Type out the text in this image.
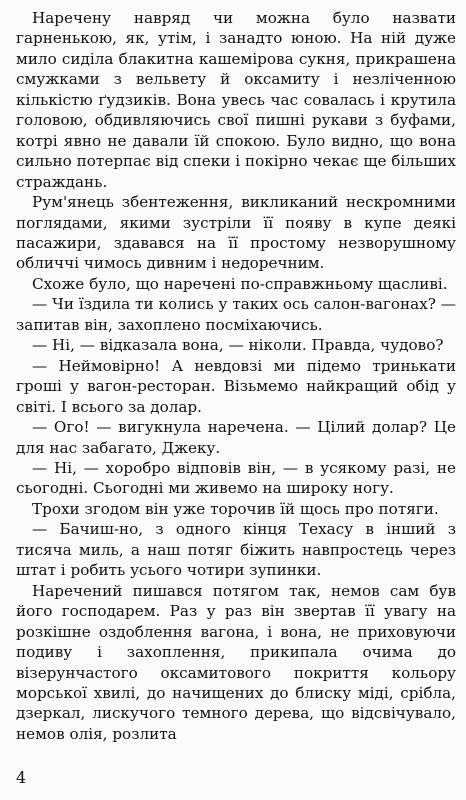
Наречену навряд чи можна було назвати гарненькою, як, утім, і занадто юною. На ній дуже мило сиділа блакитна кашемірова сукня, прикрашена смужками з вельвету й оксамиту і незліченною кількістю ґудзиків. Вона увесь час совалась і крутила головою, обдивляючись свої пишні рукави з буфами, котрі явно не давали їй спокою. Було видно, що вона сильно потерпає від спеки і покірно чекає ще більших страждань.

Рум'янець збентеження, викликаний нескромними поглядами, якими зустріли її появу в купе деякі пасажири, здавався на її простому незворушному обличчі чимось дивним і недоречним.

Схоже було, що наречені по-справжньому щасливі.

— Чи їздила ти колись у таких ось салон-вагонах? — запитав він, захоплено посміхаючись.

— Ні, — відказала вона, — ніколи. Правда, чудово?

— Неймовірно! А невдовзі ми підемо тринькати гроші у вагон-ресторан. Візьмемо найкращий обід у світі. І всього за долар.

— Ого! — вигукнула наречена. — Цілий долар? Це для нас забагато, Джеку.

— Ні, — хоробро відповів він, — в усякому разі, не сьогодні. Сьогодні ми живемо на широку ногу.

Трохи згодом він уже торочив їй щось про потяги.

— Бачиш-но, з одного кінця Техасу в інший з тисяча миль, а наш потяг біжить навпростець через штат і робить усього чотири зупинки.

Наречений пишався потягом так, немов сам був його господарем. Раз у раз він звертав її увагу на розкішне оздоблення вагона, і вона, не приховуючи подиву і захоплення, прикипала очима до візерунчастого оксамитового покриття кольору морської хвилі, до начищених до блиску міді, срібла, дзеркал, лискучого темного дерева, що відсвічувало, немов олія, розлита

4
